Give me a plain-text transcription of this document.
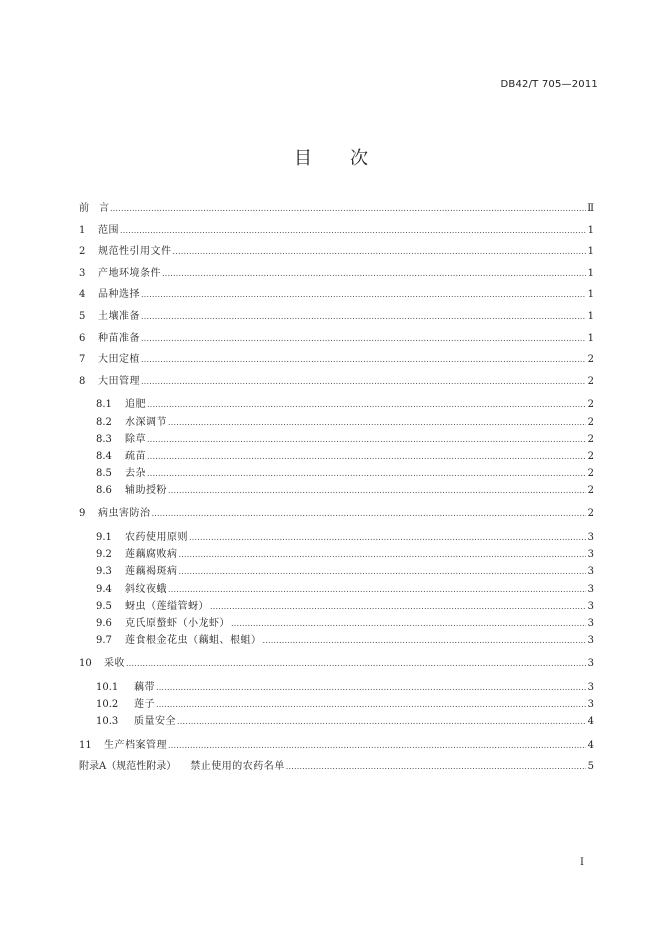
DB42/T 705—2011
目 次
前　言 .....	Ⅱ
1	范围 .....	1
2	规范性引用文件 .....	1
3	产地环境条件 .....	1
4	品种选择 .....	1
5	土壤准备 .....	1
6	种苗准备 .....	1
7	大田定植 .....	2
8	大田管理 .....	2
8.1	追肥 .....	2
8.2	水深调节 .....	2
8.3	除草 .....	2
8.4	疏苗 .....	2
8.5	去杂 .....	2
8.6	辅助授粉 .....	2
9	病虫害防治 .....	2
9.1	农药使用原则 .....	3
9.2	莲藕腐败病 .....	3
9.3	莲藕褐斑病 .....	3
9.4	斜纹夜蛾 .....	3
9.5	蚜虫（莲缢管蚜） .....	3
9.6	克氏原螯虾（小龙虾） .....	3
9.7	莲食根金花虫（藕蛆、根蛆） .....	3
10	采收 .....	3
10.1	藕带 .....	3
10.2	莲子 .....	3
10.3	质量安全 .....	4
11	生产档案管理 .....	4
附录A（规范性附录） 禁止使用的农药名单 .....	5
I
